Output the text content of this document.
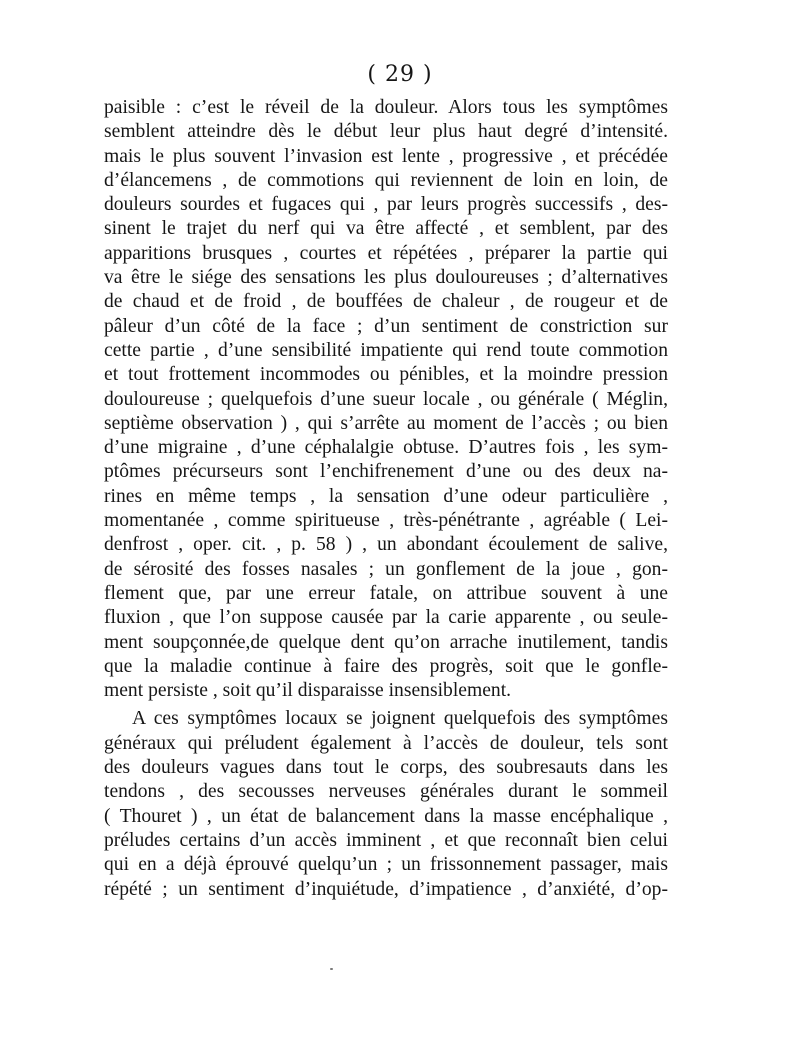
( 29 )
paisible : c’est le réveil de la douleur. Alors tous les symptômes
semblent atteindre dès le début leur plus haut degré d’intensité.
mais le plus souvent l’invasion est lente , progressive , et précédée
d’élancemens , de commotions qui reviennent de loin en loin, de
douleurs sourdes et fugaces qui , par leurs progrès successifs , des-
sinent le trajet du nerf qui va être affecté , et semblent, par des
apparitions brusques , courtes et répétées , préparer la partie qui
va être le siége des sensations les plus douloureuses ; d’alternatives
de chaud et de froid , de bouffées de chaleur , de rougeur et de
pâleur d’un côté de la face ; d’un sentiment de constriction sur
cette partie , d’une sensibilité impatiente qui rend toute commotion
et tout frottement incommodes ou pénibles, et la moindre pression
douloureuse ; quelquefois d’une sueur locale , ou générale ( Méglin,
septième observation ) , qui s’arrête au moment de l’accès ; ou bien
d’une migraine , d’une céphalalgie obtuse. D’autres fois , les sym-
ptômes précurseurs sont l’enchifrenement d’une ou des deux na-
rines en même temps , la sensation d’une odeur particulière ,
momentanée , comme spiritueuse , très-pénétrante , agréable ( Lei-
denfrost , oper. cit. , p. 58 ) , un abondant écoulement de salive,
de sérosité des fosses nasales ; un gonflement de la joue , gon-
flement que, par une erreur fatale, on attribue souvent à une
fluxion , que l’on suppose causée par la carie apparente , ou seule-
ment soupçonnée,de quelque dent qu’on arrache inutilement, tandis
que la maladie continue à faire des progrès, soit que le gonfle-
ment persiste , soit qu’il disparaisse insensiblement.
A ces symptômes locaux se joignent quelquefois des symptômes
généraux qui préludent également à l’accès de douleur, tels sont
des douleurs vagues dans tout le corps, des soubresauts dans les
tendons , des secousses nerveuses générales durant le sommeil
( Thouret ) , un état de balancement dans la masse encéphalique ,
préludes certains d’un accès imminent , et que reconnaît bien celui
qui en a déjà éprouvé quelqu’un ; un frissonnement passager, mais
répété ; un sentiment d’inquiétude, d’impatience , d’anxiété, d’op-
